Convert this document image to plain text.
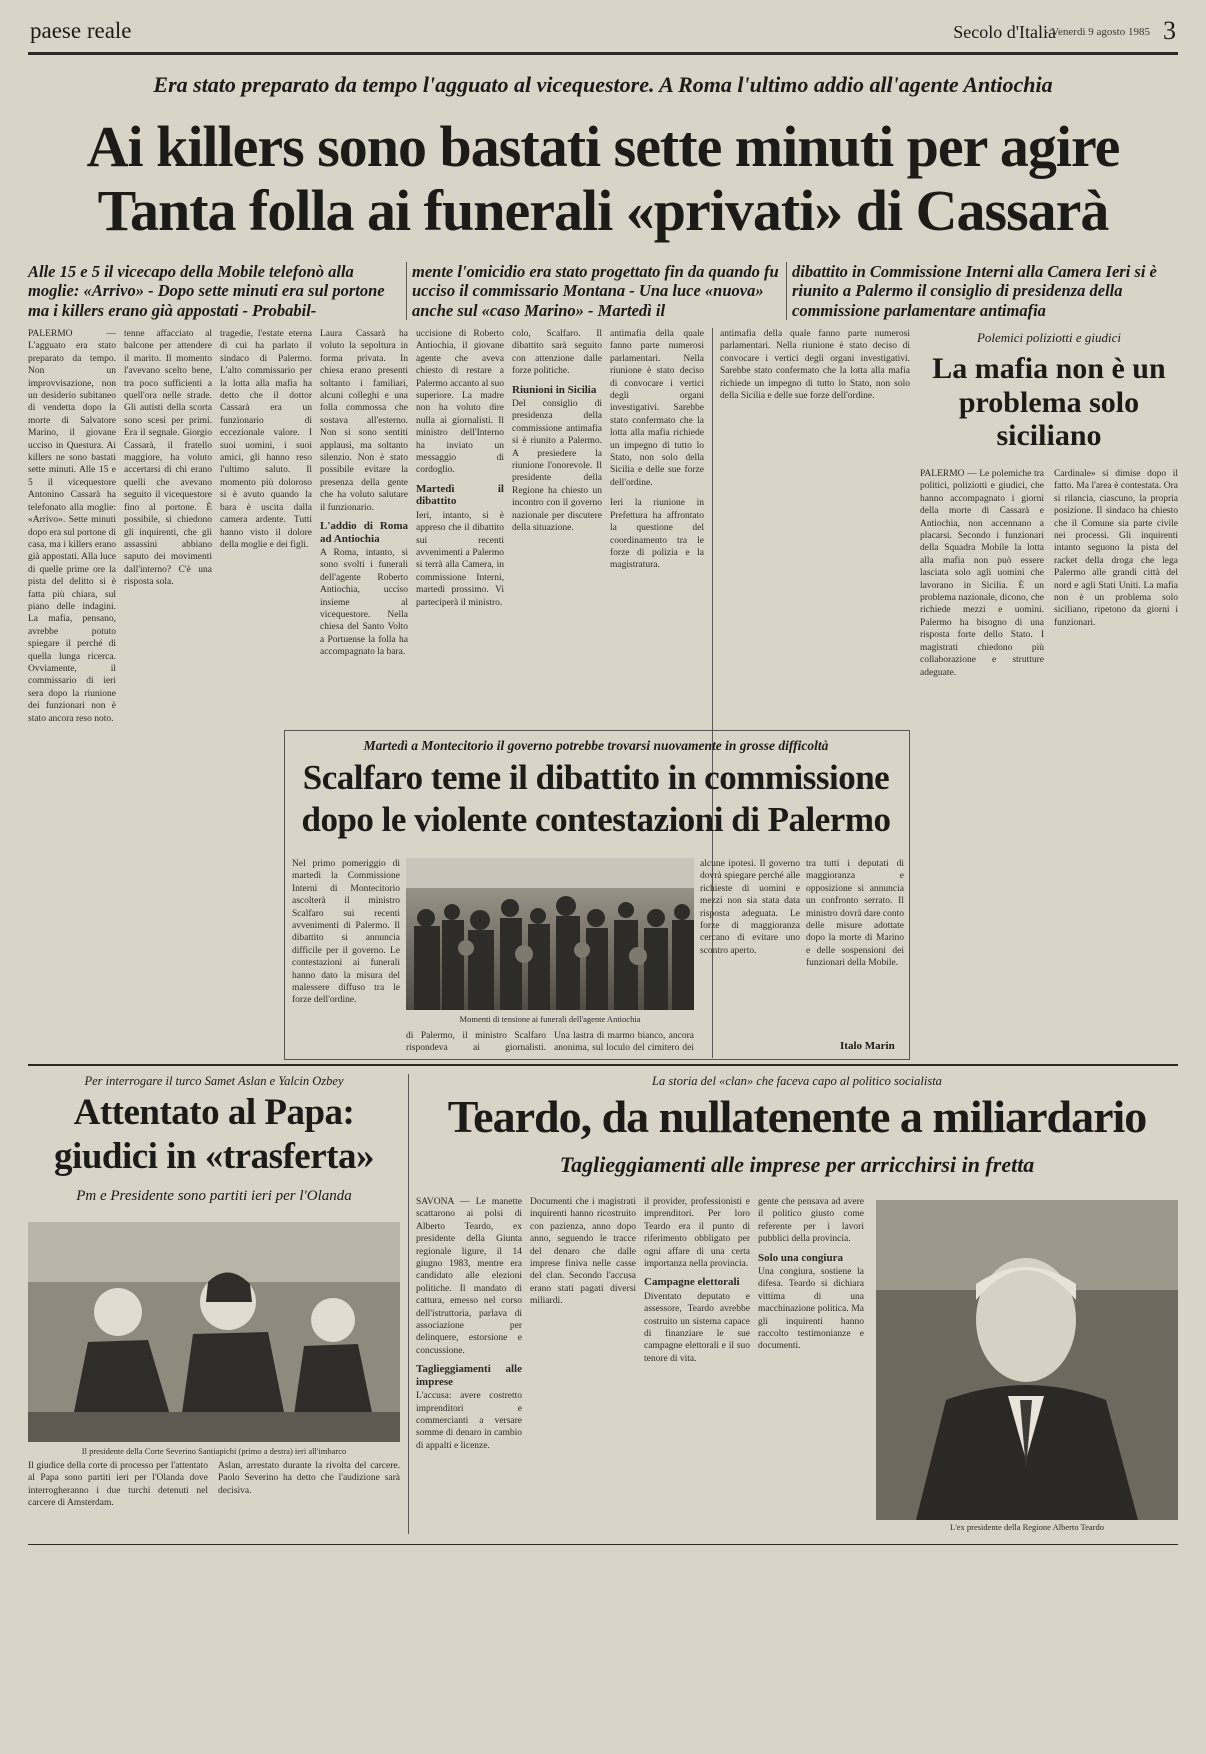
paese reale	Secolo d'Italia
- Venerdì 9 agosto 1985 3
Era stato preparato da tempo l'agguato al vicequestore. A Roma l'ultimo addio all'agente Antiochia
Ai killers sono bastati sette minuti per agire
Tanta folla ai funerali «privati» di Cassarà
Alle 15 e 5 il vicecapo della Mobile telefonò alla moglie: «Arrivo» - Dopo sette minuti era sul portone ma i killers erano già appostati - Probabil-
mente l'omicidio era stato progettato fin da quando fu ucciso il commissario Montana - Una luce «nuova» anche sul «caso Marino» - Martedì il
dibattito in Commissione Interni alla Camera Ieri si è riunito a Palermo il consiglio di presidenza della commissione parlamentare antimafia
PALERMO — L'agguato era stato preparato da tempo. Non un improvvisazione, non un desiderio subitaneo di vendetta dopo la morte di Salvatore Marino, il giovane ucciso in Questura. Ai killers ne sono bastati sette minuti. Alle 15 e 5 il vicequestore Antonino Cassarà ha telefonato alla moglie: «Arrivo». Sette minuti dopo era sul portone di casa, ma i killers erano già appostati. Alla luce di quelle prime ore la pista del delitto si è fatta più chiara, sul piano delle indagini. La mafia, pensano, avrebbe potuto spiegare il perché di quella lunga ricerca. Ovviamente, il commissario di ieri sera dopo la riunione dei funzionari non è stato ancora reso noto.
tenne affacciato al balcone per attendere il marito. Il momento l'avevano scelto bene, tra poco sufficienti a quell'ora nelle strade. Gli autisti della scorta sono scesi per primi. Era il segnale. Giorgio Cassarà, il fratello maggiore, ha voluto accertarsi di chi erano quelli che avevano seguito il vicequestore fino al portone. È possibile, si chiedono gli inquirenti, che gli assassini abbiano saputo dei movimenti dall'interno? C'è una risposta sola.
tragedie, l'estate eterna di cui ha parlato il sindaco di Palermo. L'alto commissario per la lotta alla mafia ha detto che il dottor Cassarà era un funzionario di eccezionale valore. I suoi uomini, i suoi amici, gli hanno reso l'ultimo saluto. Il momento più doloroso si è avuto quando la bara è uscita dalla camera ardente. Tutti hanno visto il dolore della moglie e dei figli.
Laura Cassarà ha voluto la sepoltura in forma privata. In chiesa erano presenti soltanto i familiari, alcuni colleghi e una folla commossa che sostava all'esterno. Non si sono sentiti applausi, ma soltanto silenzio. Non è stato possibile evitare la presenza della gente che ha voluto salutare il funzionario.
L'addio di Roma ad Antiochia
A Roma, intanto, si sono svolti i funerali dell'agente Roberto Antiochia, ucciso insieme al vicequestore. Nella chiesa del Santo Volto a Portuense la folla ha accompagnato la bara.
uccisione di Roberto Antiochia, il giovane agente che aveva chiesto di restare a Palermo accanto al suo superiore. La madre non ha voluto dire nulla ai giornalisti. Il ministro dell'Interno ha inviato un messaggio di cordoglio.
Martedì il dibattito
Ieri, intanto, si è appreso che il dibattito sui recenti avvenimenti a Palermo si terrà alla Camera, in commissione Interni, martedì prossimo. Vi parteciperà il ministro.
colo, Scalfaro. Il dibattito sarà seguito con attenzione dalle forze politiche.
Riunioni in Sicilia
Del consiglio di presidenza della commissione antimafia si è riunito a Palermo. A presiedere la riunione l'onorevole. Il presidente della Regione ha chiesto un incontro con il governo nazionale per discutere della situazione.
antimafia della quale fanno parte numerosi parlamentari. Nella riunione è stato deciso di convocare i vertici degli organi investigativi. Sarebbe stato confermato che la lotta alla mafia richiede un impegno di tutto lo Stato, non solo della Sicilia e delle sue forze dell'ordine.
Ieri la riunione in Prefettura ha affrontato la questione del coordinamento tra le forze di polizia e la magistratura.
antimafia della quale fanno parte numerosi parlamentari. Nella riunione è stato deciso di convocare i vertici degli organi investigativi. Sarebbe stato confermato che la lotta alla mafia richiede un impegno di tutto lo Stato, non solo della Sicilia e delle sue forze dell'ordine.
Polemici poliziotti e giudici
La mafia non è un problema solo siciliano
PALERMO — Le polemiche tra politici, poliziotti e giudici, che hanno accompagnato i giorni della morte di Cassarà e Antiochia, non accennano a placarsi. Secondo i funzionari della Squadra Mobile la lotta alla mafia non può essere lasciata solo agli uomini che lavorano in Sicilia. È un problema nazionale, dicono, che richiede mezzi e uomini. Palermo ha bisogno di una risposta forte dello Stato. I magistrati chiedono più collaborazione e strutture adeguate.
Cardinale» si dimise dopo il fatto. Ma l'area è contestata. Ora si rilancia, ciascuno, la propria posizione. Il sindaco ha chiesto che il Comune sia parte civile nei processi. Gli inquirenti intanto seguono la pista del racket della droga che lega Palermo alle grandi città del nord e agli Stati Uniti. La mafia non è un problema solo siciliano, ripetono da giorni i funzionari.
Martedì a Montecitorio il governo potrebbe trovarsi nuovamente in grosse difficoltà
Scalfaro teme il dibattito in commissione
dopo le violente contestazioni di Palermo
Nel primo pomeriggio di martedì la Commissione Interni di Montecitorio ascolterà il ministro Scalfaro sui recenti avvenimenti di Palermo. Il dibattito si annuncia difficile per il governo. Le contestazioni ai funerali hanno dato la misura del malessere diffuso tra le forze dell'ordine.
Momenti di tensione ai funerali dell'agente Antiochia
alcune ipotesi. Il governo dovrà spiegare perché alle richieste di uomini e mezzi non sia stata data risposta adeguata. Le forze di maggioranza cercano di evitare uno scontro aperto.
tra tutti i deputati di maggioranza e opposizione si annuncia un confronto serrato. Il ministro dovrà dare conto delle misure adottate dopo la morte di Marino e delle sospensioni dei funzionari della Mobile.
Italo Marin
di Palermo, il ministro Scalfaro rispondeva ai giornalisti.
Una lastra di marmo bianco, ancora anonima, sul loculo del cimitero dei
Per interrogare il turco Samet Aslan e Yalcin Ozbey
Attentato al Papa:
giudici in «trasferta»
Pm e Presidente sono partiti ieri per l'Olanda
Il presidente della Corte Severino Santiapichi (primo a destra) ieri all'imbarco
Il giudice della corte di processo per l'attentato al Papa sono partiti ieri per l'Olanda dove interrogheranno i due turchi detenuti nel carcere di Amsterdam.
Aslan, arrestato durante la rivolta del carcere. Paolo Severino ha detto che l'audizione sarà decisiva.
La storia del «clan» che faceva capo al politico socialista
Teardo, da nullatenente a miliardario
Taglieggiamenti alle imprese per arricchirsi in fretta
SAVONA — Le manette scattarono ai polsi di Alberto Teardo, ex presidente della Giunta regionale ligure, il 14 giugno 1983, mentre era candidato alle elezioni politiche. Il mandato di cattura, emesso nel corso dell'istruttoria, parlava di associazione per delinquere, estorsione e concussione.
Taglieggiamenti alle imprese
L'accusa: avere costretto imprenditori e commercianti a versare somme di denaro in cambio di appalti e licenze.
Documenti che i magistrati inquirenti hanno ricostruito con pazienza, anno dopo anno, seguendo le tracce del denaro che dalle imprese finiva nelle casse del clan. Secondo l'accusa erano stati pagati diversi miliardi.
il provider, professionisti e imprenditori. Per loro Teardo era il punto di riferimento obbligato per ogni affare di una certa importanza nella provincia.
Campagne elettorali
Diventato deputato e assessore, Teardo avrebbe costruito un sistema capace di finanziare le sue campagne elettorali e il suo tenore di vita.
gente che pensava ad avere il politico giusto come referente per i lavori pubblici della provincia.
Solo una congiura
Una congiura, sostiene la difesa. Teardo si dichiara vittima di una macchinazione politica. Ma gli inquirenti hanno raccolto testimonianze e documenti.
L'ex presidente della Regione Alberto Teardo
